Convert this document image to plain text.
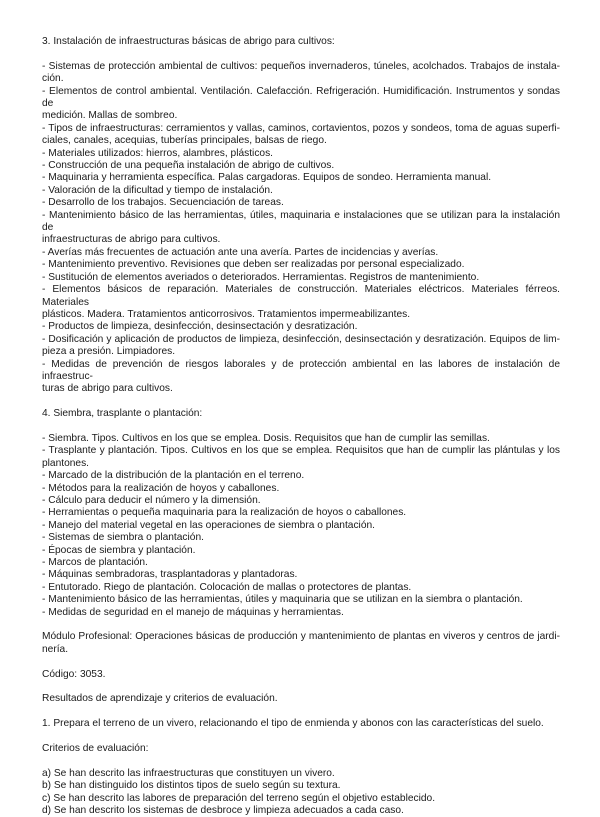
3. Instalación de infraestructuras básicas de abrigo para cultivos:

- Sistemas de protección ambiental de cultivos: pequeños invernaderos, túneles, acolchados. Trabajos de instala-

ción.

- Elementos de control ambiental. Ventilación. Calefacción. Refrigeración. Humidificación. Instrumentos y sondas de

medición. Mallas de sombreo.

- Tipos de infraestructuras: cerramientos y vallas, caminos, cortavientos, pozos y sondeos, toma de aguas superfi-

ciales, canales, acequias, tuberías principales, balsas de riego.

- Materiales utilizados: hierros, alambres, plásticos.

- Construcción de una pequeña instalación de abrigo de cultivos.

- Maquinaria y herramienta específica. Palas cargadoras. Equipos de sondeo. Herramienta manual.

- Valoración de la dificultad y tiempo de instalación.

- Desarrollo de los trabajos. Secuenciación de tareas.

- Mantenimiento básico de las herramientas, útiles, maquinaria e instalaciones que se utilizan para la instalación de

infraestructuras de abrigo para cultivos.

- Averías más frecuentes de actuación ante una avería. Partes de incidencias y averías.

- Mantenimiento preventivo. Revisiones que deben ser realizadas por personal especializado.

- Sustitución de elementos averiados o deteriorados. Herramientas. Registros de mantenimiento.

- Elementos básicos de reparación. Materiales de construcción. Materiales eléctricos. Materiales férreos. Materiales

plásticos. Madera. Tratamientos anticorrosivos. Tratamientos impermeabilizantes.

- Productos de limpieza, desinfección, desinsectación y desratización.

- Dosificación y aplicación de productos de limpieza, desinfección, desinsectación y desratización. Equipos de lim-

pieza a presión. Limpiadores.

- Medidas de prevención de riesgos laborales y de protección ambiental en las labores de instalación de infraestruc-

turas de abrigo para cultivos.

4. Siembra, trasplante o plantación:

- Siembra. Tipos. Cultivos en los que se emplea. Dosis. Requisitos que han de cumplir las semillas.

- Trasplante y plantación. Tipos. Cultivos en los que se emplea. Requisitos que han de cumplir las plántulas y los

plantones.

- Marcado de la distribución de la plantación en el terreno.

- Métodos para la realización de hoyos y caballones.

- Cálculo para deducir el número y la dimensión.

- Herramientas o pequeña maquinaria para la realización de hoyos o caballones.

- Manejo del material vegetal en las operaciones de siembra o plantación.

- Sistemas de siembra o plantación.

- Épocas de siembra y plantación.

- Marcos de plantación.

- Máquinas sembradoras, trasplantadoras y plantadoras.

- Entutorado. Riego de plantación. Colocación de mallas o protectores de plantas.

- Mantenimiento básico de las herramientas, útiles y maquinaria que se utilizan en la siembra o plantación.

- Medidas de seguridad en el manejo de máquinas y herramientas.

Módulo Profesional: Operaciones básicas de producción y mantenimiento de plantas en viveros y centros de jardi-

nería.

Código: 3053.

Resultados de aprendizaje y criterios de evaluación.

1. Prepara el terreno de un vivero, relacionando el tipo de enmienda y abonos con las características del suelo.

Criterios de evaluación:

a) Se han descrito las infraestructuras que constituyen un vivero.

b) Se han distinguido los distintos tipos de suelo según su textura.

c) Se han descrito las labores de preparación del terreno según el objetivo establecido.

d) Se han descrito los sistemas de desbroce y limpieza adecuados a cada caso.
